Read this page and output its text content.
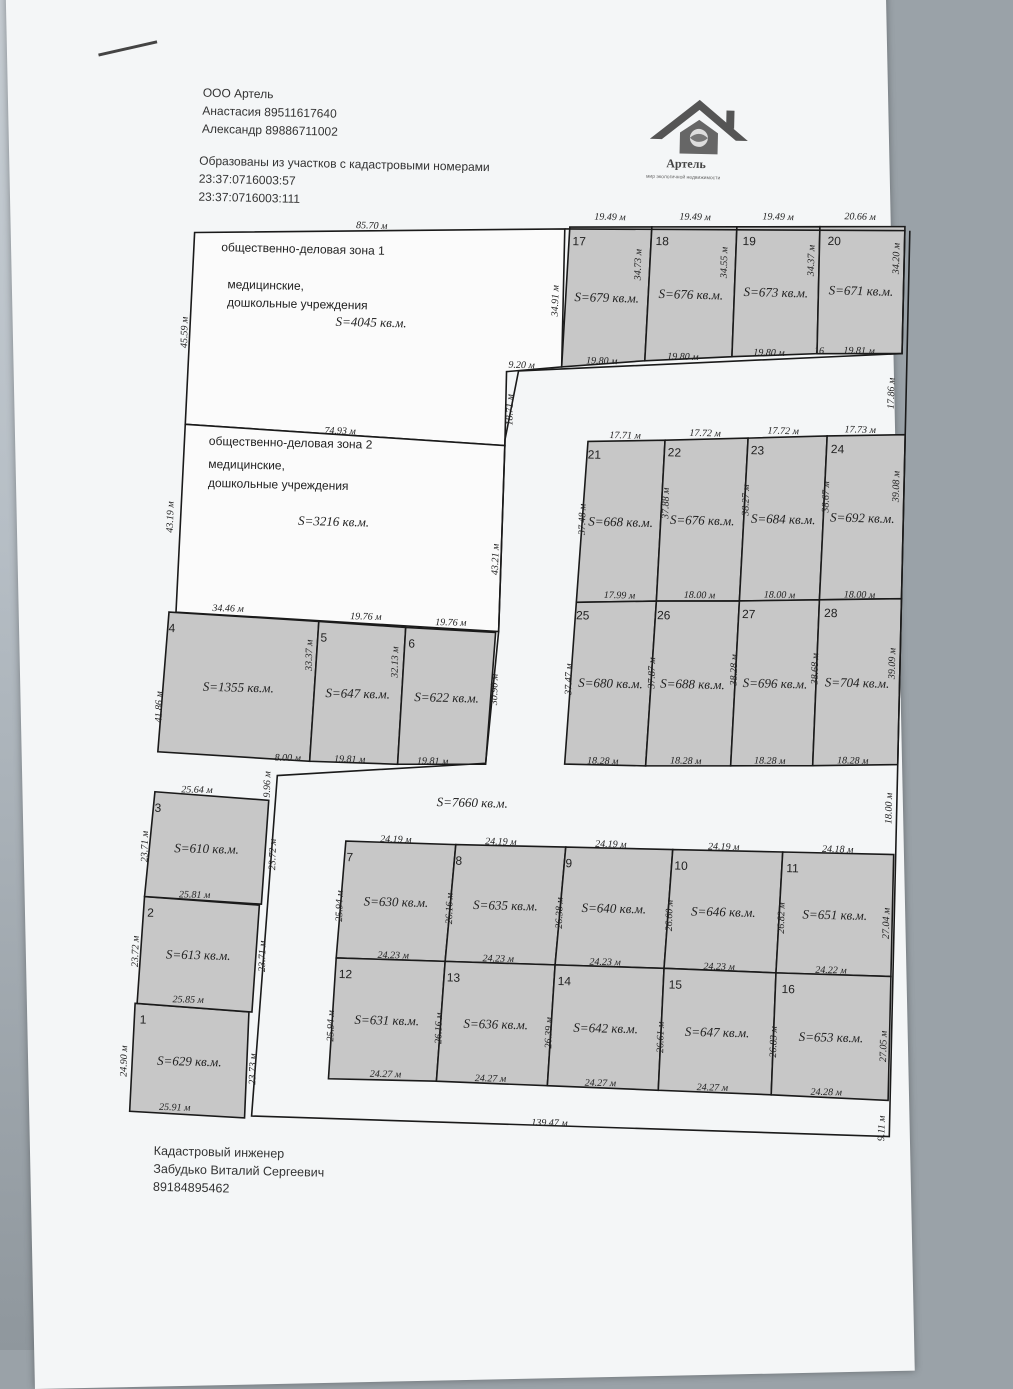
ООО Артель
Анастасия 89511617640
Александр 89886711002
Образованы из участков с кадастровыми номерами
23:37:0716003:57
23:37:0716003:111
Артель
мир экологичной недвижимости
1
S=629 кв.м.
2
S=613 кв.м.
3
S=610 кв.м.
4
S=1355 кв.м.
5
S=647 кв.м.
6
S=622 кв.м.
7
S=630 кв.м.
8
S=635 кв.м.
9
S=640 кв.м.
10
S=646 кв.м.
11
S=651 кв.м.
12
S=631 кв.м.
13
S=636 кв.м.
14
S=642 кв.м.
15
S=647 кв.м.
16
S=653 кв.м.
17
S=679 кв.м.
18
S=676 кв.м.
19
S=673 кв.м.
20
S=671 кв.м.
21
S=668 кв.м.
22
S=676 кв.м.
23
S=684 кв.м.
24
S=692 кв.м.
25
S=680 кв.м.
26
S=688 кв.м.
27
S=696 кв.м.
28
S=704 кв.м.
общественно-деловая зона 1
медицинские,
дошкольные учреждения
S=4045 кв.м.
общественно-деловая зона 2
медицинские,
дошкольные учреждения
S=3216 кв.м.
S=7660 кв.м.
85.70 м
45.59 м
74.93 м
18.71 м
9.20 м
34.91 м
19.49 м	19.49 м	19.49 м	20.66 м
34.73 м	34.55 м	34.37 м	34.20 м
19.80 м	19.80 м	19.80 м	16 19.81 м
17.86 м
43.19 м
43.21 м
34.46 м
19.76 м
19.76 м
41.86 м
33.37 м	32.13 м
30.90 м
8.00 м	19.81 м	19.81 м
9.96 м
25.64 м
23.71 м	23.72 м
25.81 м
23.72 м	23.71 м
25.85 м
24.90 м	23.73 м
25.91 м
139.47 м	9.11 м
17.71 м	17.72 м	17.72 м	17.73 м
37.48 м
37.88 м	38.27 м	38.67 м	39.08 м
17.99 м	18.00 м	18.00 м	18.00 м
37.47 м	37.87 м	38.28 м	38.68 м	39.09 м
18.28 м	18.28 м	18.28 м	18.28 м
18.00 м
24.19 м	24.19 м	24.19 м	24.19 м	24.18 м
25.94 м	26.16 м	26.38 м	26.60 м	26.82 м	27.04 м
24.23 м	24.23 м	24.23 м	24.23 м	24.22 м
25.94 м	26.16 м	26.39 м	26.61 м	26.83 м	27.05 м
24.27 м	24.27 м	24.27 м	24.27 м	24.28 м
Кадастровый инженер
Забудько Виталий Сергеевич
89184895462
